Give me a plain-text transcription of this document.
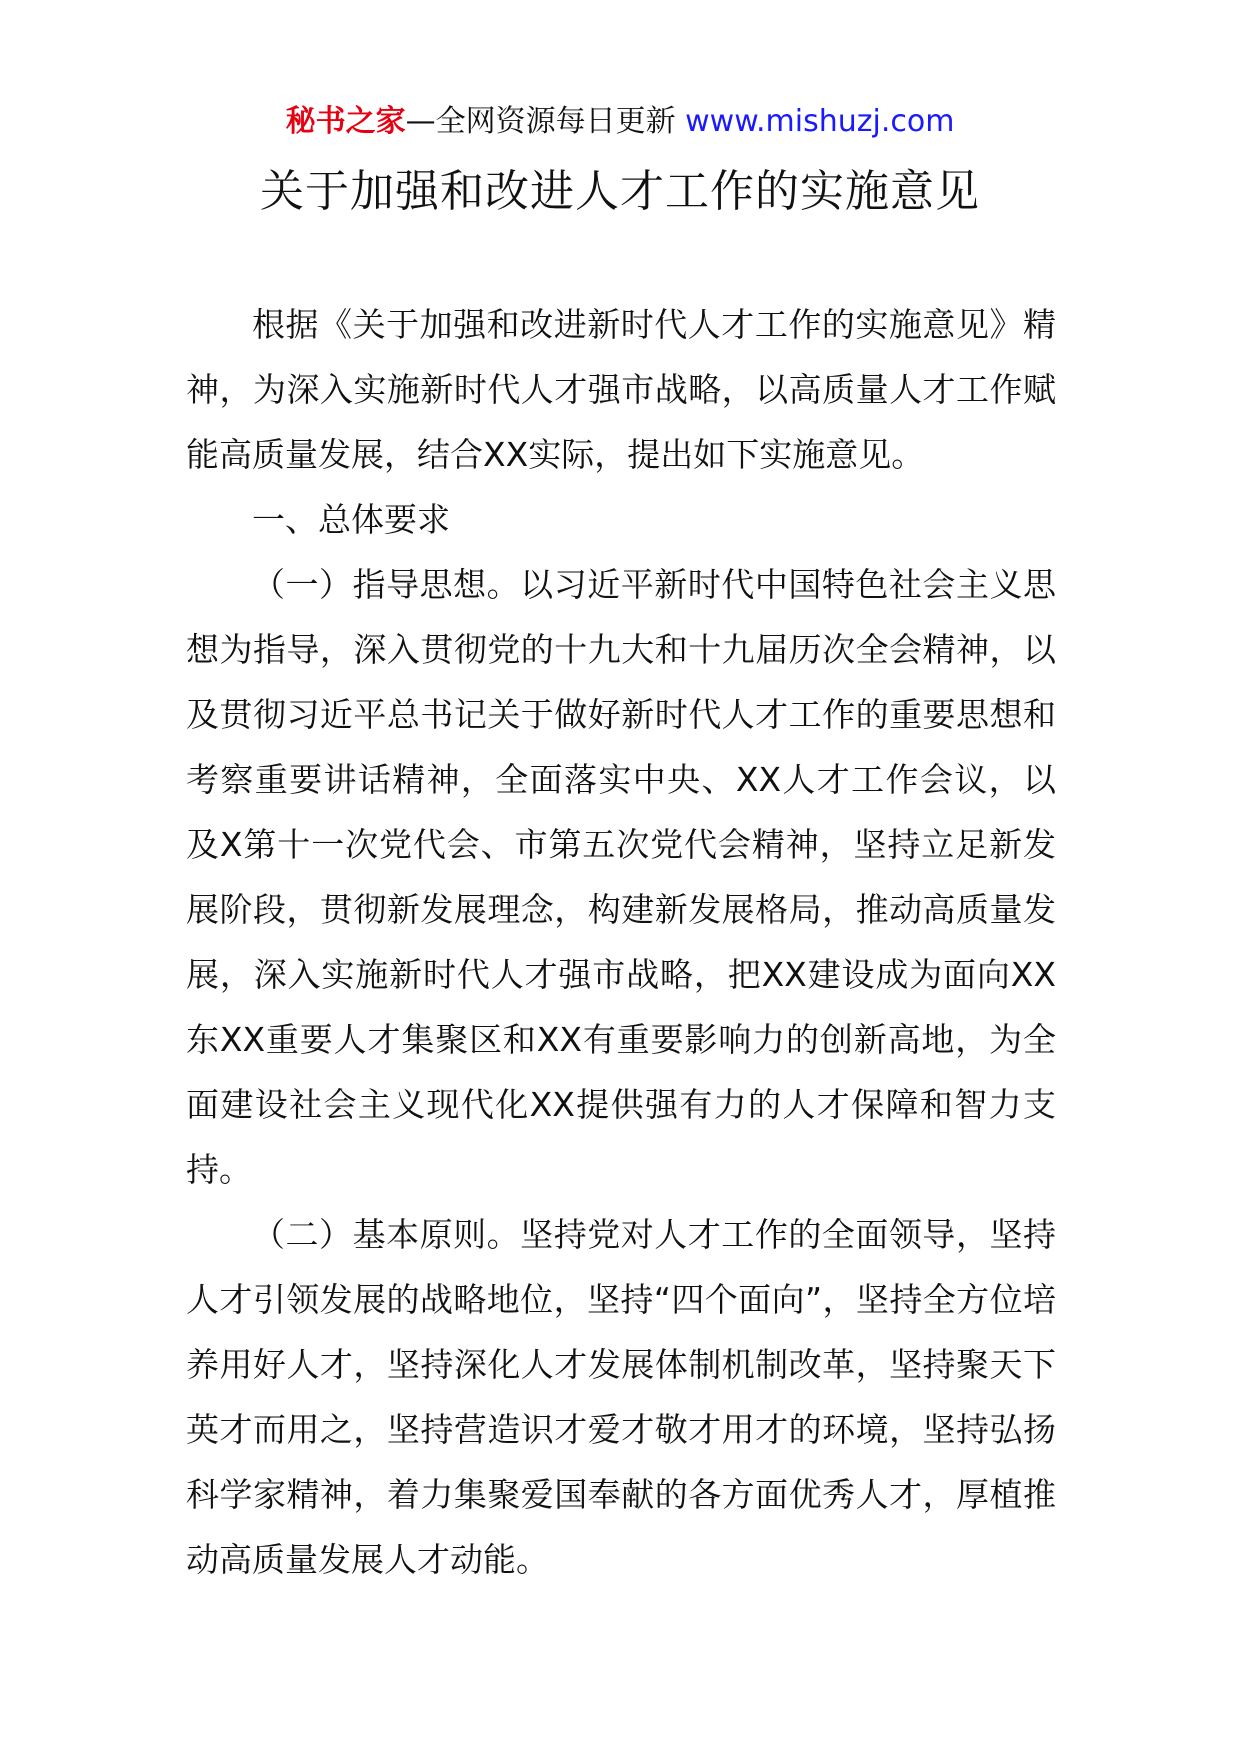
秘书之家—全网资源每日更新 www.mishuzj.com
关于加强和改进人才工作的实施意见

根据《关于加强和改进新时代人才工作的实施意见》精神，为深入实施新时代人才强市战略，以高质量人才工作赋能高质量发展，结合XX实际，提出如下实施意见。

一、总体要求

（一）指导思想。以习近平新时代中国特色社会主义思想为指导，深入贯彻党的十九大和十九届历次全会精神，以及贯彻习近平总书记关于做好新时代人才工作的重要思想和考察重要讲话精神，全面落实中央、XX人才工作会议，以及X第十一次党代会、市第五次党代会精神，坚持立足新发展阶段，贯彻新发展理念，构建新发展格局，推动高质量发展，深入实施新时代人才强市战略，把XX建设成为面向XX东XX重要人才集聚区和XX有重要影响力的创新高地，为全面建设社会主义现代化XX提供强有力的人才保障和智力支持。

（二）基本原则。坚持党对人才工作的全面领导，坚持人才引领发展的战略地位，坚持“四个面向”，坚持全方位培养用好人才，坚持深化人才发展体制机制改革，坚持聚天下英才而用之，坚持营造识才爱才敬才用才的环境，坚持弘扬科学家精神，着力集聚爱国奉献的各方面优秀人才，厚植推动高质量发展人才动能。
